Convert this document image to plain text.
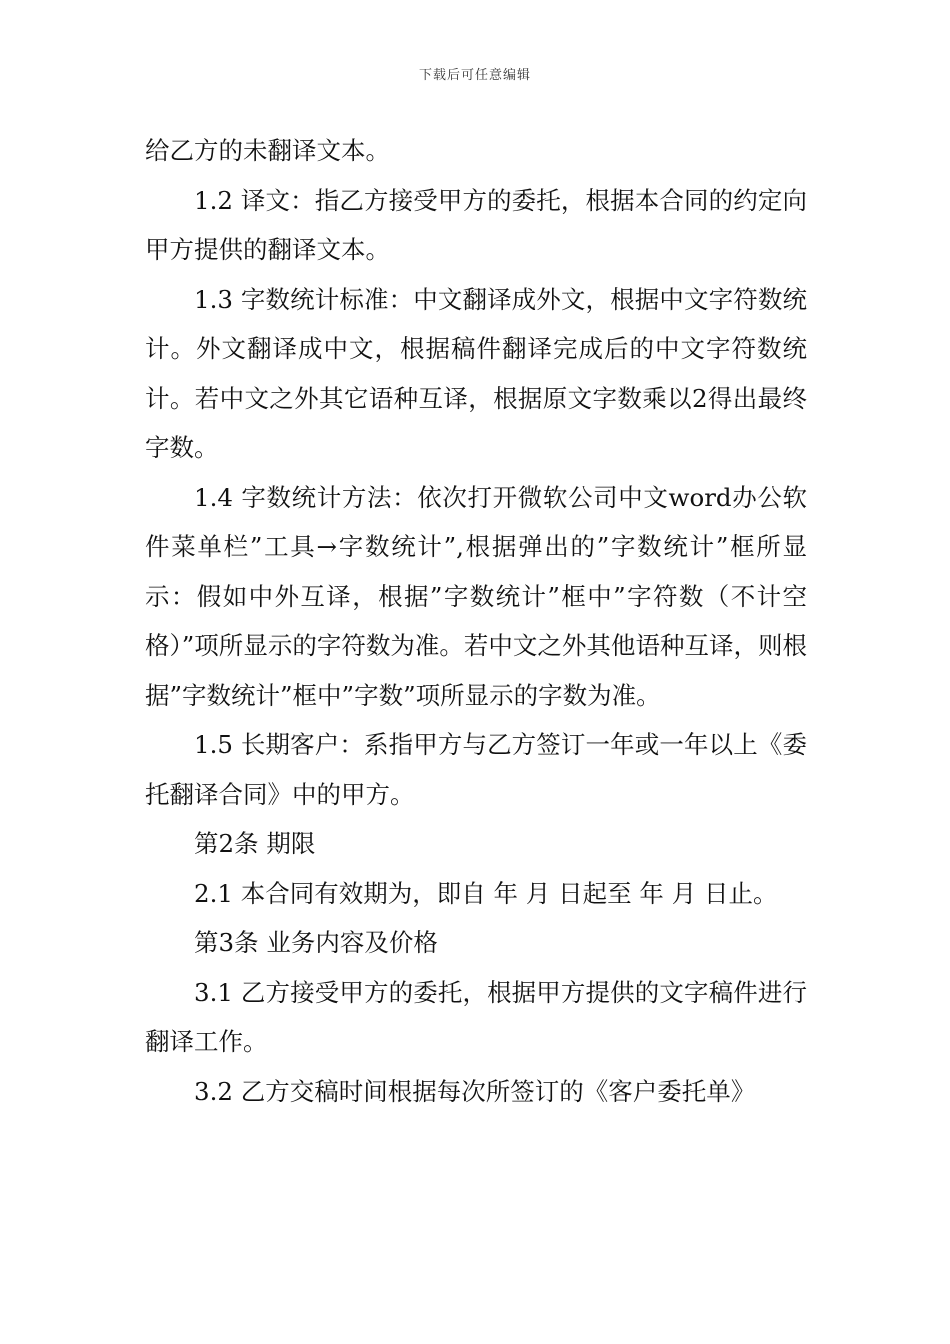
下载后可任意编辑

给乙方的未翻译文本。

1.2 译文：指乙方接受甲方的委托，根据本合同的约定向甲方提供的翻译文本。

1.3 字数统计标准：中文翻译成外文，根据中文字符数统计。外文翻译成中文，根据稿件翻译完成后的中文字符数统计。若中文之外其它语种互译，根据原文字数乘以2得出最终字数。

1.4 字数统计方法：依次打开微软公司中文word办公软件菜单栏”工具→字数统计”,根据弹出的”字数统计”框所显示：假如中外互译，根据”字数统计”框中”字符数（不计空格）”项所显示的字符数为准。若中文之外其他语种互译，则根据”字数统计”框中”字数”项所显示的字数为准。

1.5 长期客户：系指甲方与乙方签订一年或一年以上《委托翻译合同》中的甲方。

第2条 期限

2.1 本合同有效期为，即自 年 月 日起至 年 月 日止。

第3条 业务内容及价格

3.1 乙方接受甲方的委托，根据甲方提供的文字稿件进行翻译工作。

3.2 乙方交稿时间根据每次所签订的《客户委托单》
